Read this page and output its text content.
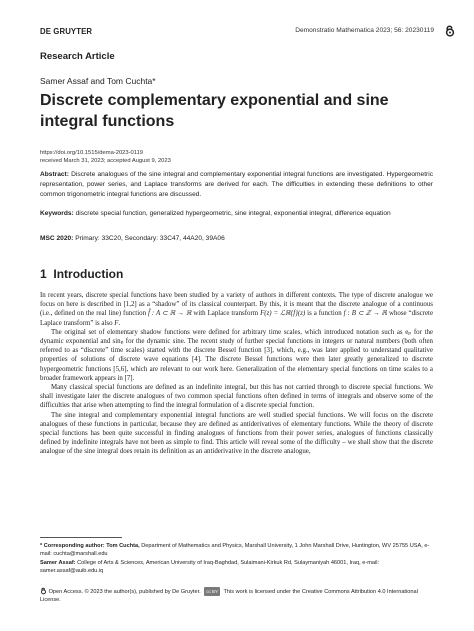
DE GRUYTER	Demonstratio Mathematica 2023; 56: 20230119
Research Article
Samer Assaf and Tom Cuchta*
Discrete complementary exponential and sine integral functions
https://doi.org/10.1515/dema-2023-0119
received March 31, 2023; accepted August 9, 2023
Abstract: Discrete analogues of the sine integral and complementary exponential integral functions are investigated. Hypergeometric representation, power series, and Laplace transforms are derived for each. The difficulties in extending these definitions to other common trigonometric integral functions are discussed.
Keywords: discrete special function, generalized hypergeometric, sine integral, exponential integral, difference equation
MSC 2020: Primary: 33C20, Secondary: 33C47, 44A20, 39A06
1 Introduction

In recent years, discrete special functions have been studied by a variety of authors in different contexts. The type of discrete analogue we focus on here is described in [1,2] as a “shadow” of its classical counterpart. By this, it is meant that the discrete analogue of a continuous (i.e., defined on the real line) function f̂ : A ⊂ ℝ → ℝ with Laplace transform F(z) = ℒℝ{f}(z) is a function f : B ⊂ ℤ → ℝ whose “discrete Laplace transform” is also F.

The original set of elementary shadow functions were defined for arbitrary time scales, which introduced notation such as eₚ for the dynamic exponential and sinₚ for the dynamic sine. The recent study of further special functions in integers or natural numbers (both often referred to as “discrete” time scales) started with the discrete Bessel function [3], which, e.g., was later applied to understand qualitative properties of solutions of discrete wave equations [4]. The discrete Bessel functions were then later greatly generalized to discrete hypergeometric functions [5,6], which are relevant to our work here. Generalization of the elementary special functions on time scales to a broader framework appears in [7].

Many classical special functions are defined as an indefinite integral, but this has not carried through to discrete special functions. We shall investigate later the discrete analogues of two common special functions often defined in terms of integrals and observe some of the difficulties that arise when attempting to find the integral formulation of a discrete special function.

The sine integral and complementary exponential integral functions are well studied special functions. We will focus on the discrete analogues of these functions in particular, because they are defined as antiderivatives of elementary functions. While the theory of discrete special functions has been quite successful in finding analogues of functions from their power series, analogues of functions classically defined by indefinite integrals have not been as simple to find. This article will reveal some of the difficulty – we shall show that the discrete analogue of the sine integral does retain its definition as an antiderivative in the discrete analogue,

* Corresponding author: Tom Cuchta, Department of Mathematics and Physics, Marshall University, 1 John Marshall Drive, Huntington, WV 25755 USA, e-mail: cuchta@marshall.edu
Samer Assaf: College of Arts & Sciences, American University of Iraq-Baghdad, Sulaimani-Kirkuk Rd, Sulaymaniyah 46001, Iraq, e-mail: samer.assaf@auib.edu.iq
Open Access. © 2023 the author(s), published by De Gruyter. cc BY This work is licensed under the Creative Commons Attribution 4.0 International License.
